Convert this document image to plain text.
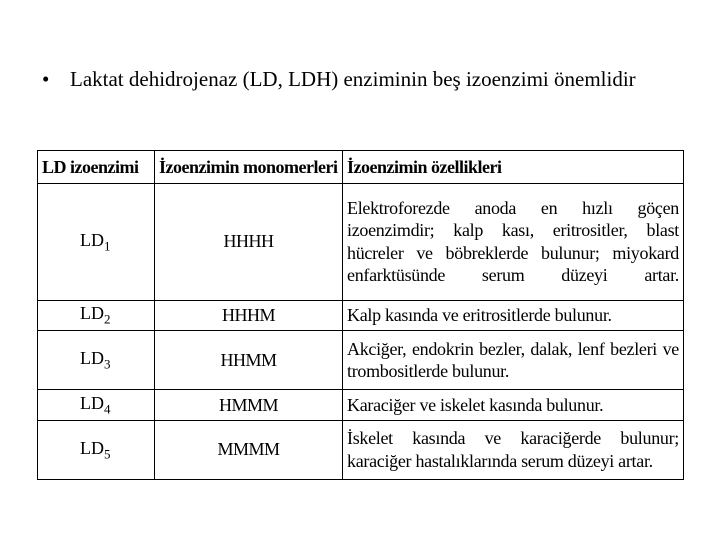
• Laktat dehidrojenaz (LD, LDH) enziminin beş izoenzimi önemlidir
LD izoenzimi	İzoenzimin monomerleri	İzoenzimin özellikleri
$LD_1$	HHHH	Elektroforezde anoda en hızlı göçen izoenzimdir; kalp kası, eritrositler, blast hücreler ve böbreklerde bulunur; miyokard enfarktüsünde serum düzeyi artar.
$LD_2$	HHHM	Kalp kasında ve eritrositlerde bulunur.
$LD_3$	HHMM	Akciğer, endokrin bezler, dalak, lenf bezleri ve trombositlerde bulunur.
$LD_4$	HMMM	Karaciğer ve iskelet kasında bulunur.
$LD_5$	MMMM	İskelet kasında ve karaciğerde bulunur; karaciğer hastalıklarında serum düzeyi artar.
